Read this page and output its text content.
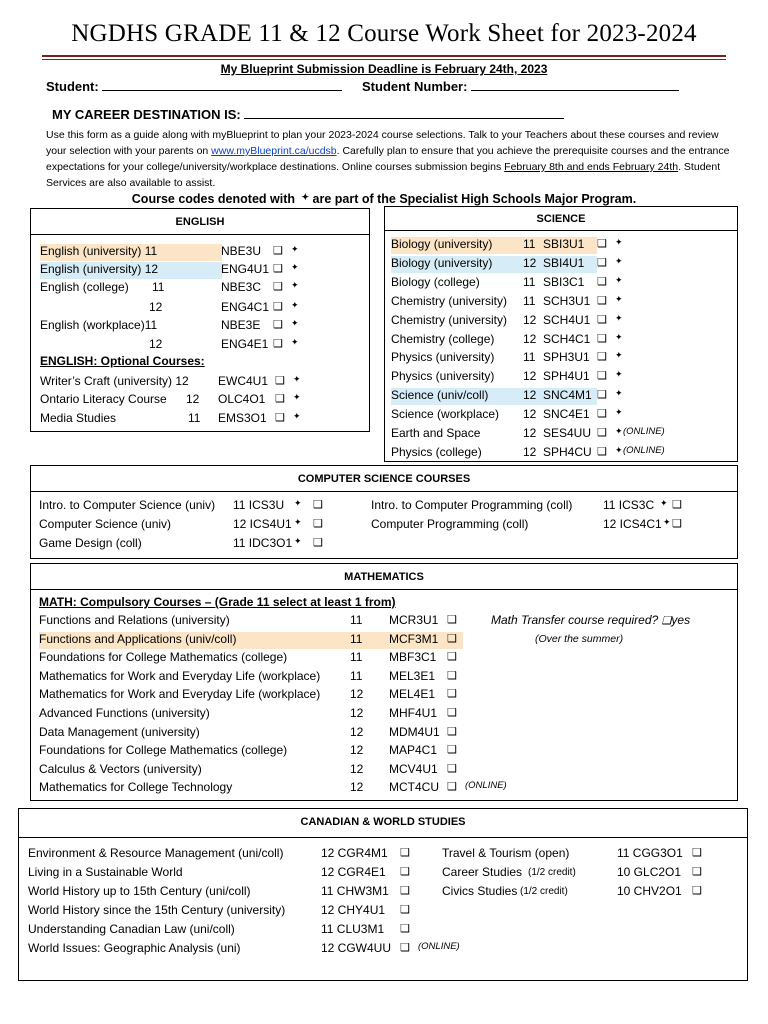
NGDHS GRADE 11 & 12 Course Work Sheet for 2023-2024
My Blueprint Submission Deadline is February 24th, 2023
Student:	Student Number:
MY CAREER DESTINATION IS:
Use this form as a guide along with myBlueprint to plan your 2023-2024 course selections. Talk to your Teachers about these courses and review your selection with your parents on www.myBlueprint.ca/ucdsb. Carefully plan to ensure that you achieve the prerequisite courses and the entrance expectations for your college/university/workplace destinations. Online courses submission begins February 8th and ends February 24th. Student Services are also available to assist.
Course codes denoted with ✦ are part of the Specialist High Schools Major Program.
ENGLISH
English (university) 11	NBE3U ❑ ✦
English (university) 12	ENG4U1 ❑ ✦
English (college) 11	NBE3C ❑ ✦
12	ENG4C1 ❑ ✦
English (workplace)11	NBE3E ❑ ✦
12	ENG4E1 ❑ ✦
ENGLISH: Optional Courses:
Writer’s Craft (university) 12 EWC4U1 ❑ ✦
Ontario Literacy Course 12 OLC4O1 ❑ ✦
Media Studies	11 EMS3O1 ❑ ✦
SCIENCE
Biology (university)	11 SBI3U1 ❑ ✦
Biology (university)	12 SBI4U1 ❑ ✦
Biology (college)	11 SBI3C1 ❑ ✦
Chemistry (university) 11 SCH3U1 ❑ ✦
Chemistry (university) 12 SCH4U1 ❑ ✦
Chemistry (college) 12 SCH4C1 ❑ ✦
Physics (university) 11 SPH3U1 ❑ ✦
Physics (university) 12 SPH4U1 ❑ ✦
Science (univ/coll)	12 SNC4M1 ❑ ✦
Science (workplace) 12 SNC4E1 ❑ ✦
Earth and Space	12 SES4UU ❑ ✦ (ONLINE)
Physics (college)	12 SPH4CU ❑ ✦ (ONLINE)
COMPUTER SCIENCE COURSES
Intro. to Computer Science (univ) 11 ICS3U ✦ ❑
Computer Science (univ)	12 ICS4U1 ✦ ❑
Game Design (coll)	11 IDC3O1 ✦ ❑
Intro. to Computer Programming (coll)	11 ICS3C ✦ ❑
Computer Programming (coll)	12 ICS4C1 ✦ ❑
MATHEMATICS
MATH: Compulsory Courses – (Grade 11 select at least 1 from)
Math Transfer course required? ❑yes
(Over the summer)
Functions and Relations (university)	11 MCR3U1 ❑
Functions and Applications (univ/coll)	11 MCF3M1 ❑
Foundations for College Mathematics (college)	11 MBF3C1 ❑
Mathematics for Work and Everyday Life (workplace) 11 MEL3E1 ❑
Mathematics for Work and Everyday Life (workplace) 12 MEL4E1 ❑
Advanced Functions (university)	12 MHF4U1 ❑
Data Management (university)	12 MDM4U1 ❑
Foundations for College Mathematics (college)	12 MAP4C1 ❑
Calculus & Vectors (university)	12 MCV4U1 ❑
Mathematics for College Technology	12 MCT4CU ❑ (ONLINE)
CANADIAN & WORLD STUDIES
Environment & Resource Management (uni/coll)	12 CGR4M1 ❑
Living in a Sustainable World	12 CGR4E1 ❑
World History up to 15th Century (uni/coll)	11 CHW3M1 ❑
World History since the 15th Century (university)	12 CHY4U1 ❑
Understanding Canadian Law (uni/coll)	11 CLU3M1 ❑
World Issues: Geographic Analysis (uni)	12 CGW4UU ❑ (ONLINE)
Travel & Tourism (open)	11 CGG3O1 ❑
Career Studies (1/2 credit)	10 GLC2O1 ❑
Civics Studies (1/2 credit)	10 CHV2O1 ❑
